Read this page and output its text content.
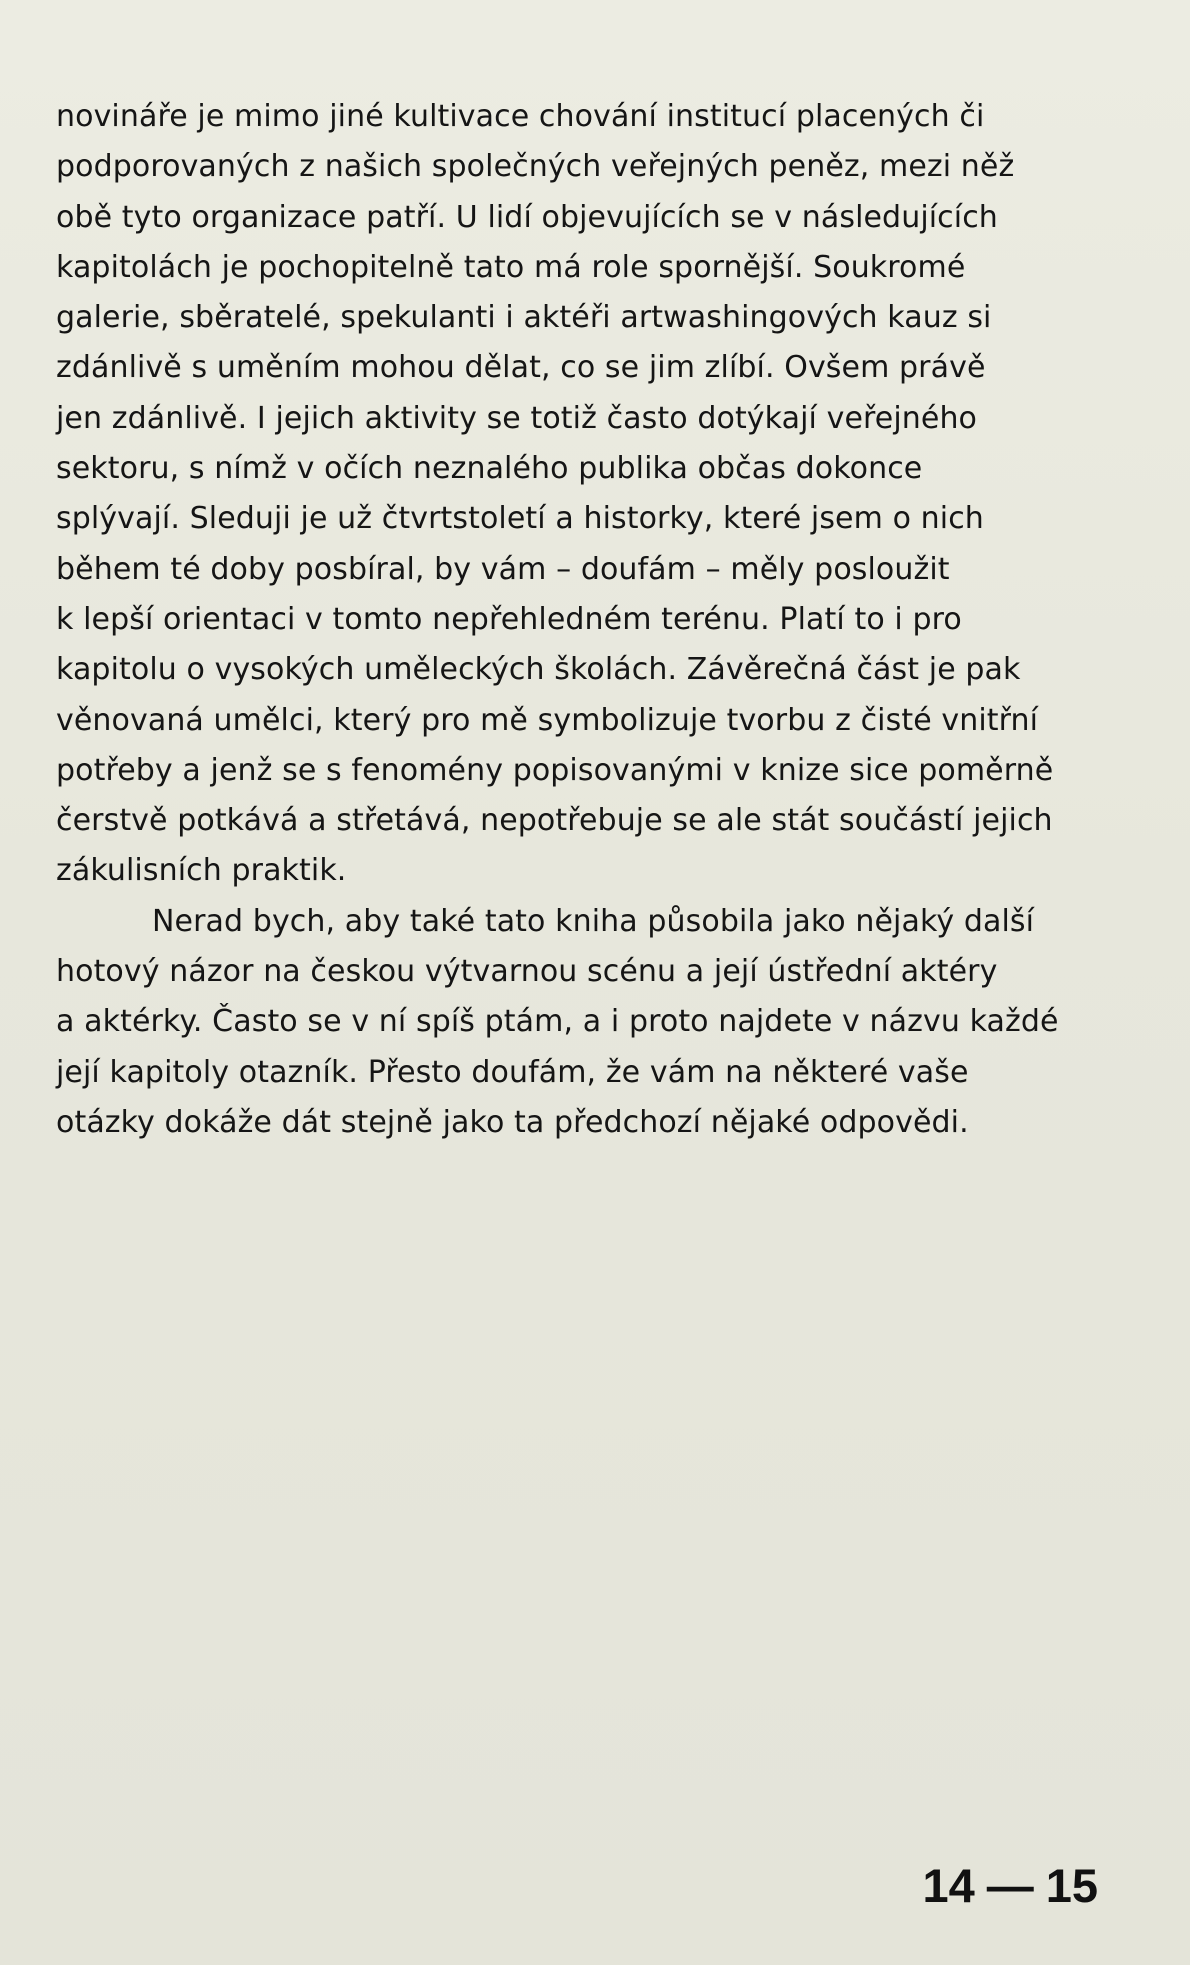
novináře je mimo jiné kultivace chování institucí placených či
podporovaných z našich společných veřejných peněz, mezi něž
obě tyto organizace patří. U lidí objevujících se v následujících
kapitolách je pochopitelně tato má role spornější. Soukromé
galerie, sběratelé, spekulanti i aktéři artwashingových kauz si
zdánlivě s uměním mohou dělat, co se jim zlíbí. Ovšem právě
jen zdánlivě. I jejich aktivity se totiž často dotýkají veřejného
sektoru, s nímž v očích neznalého publika občas dokonce
splývají. Sleduji je už čtvrtstoletí a historky, které jsem o nich
během té doby posbíral, by vám – doufám – měly posloužit
k lepší orientaci v tomto nepřehledném terénu. Platí to i pro
kapitolu o vysokých uměleckých školách. Závěrečná část je pak
věnovaná umělci, který pro mě symbolizuje tvorbu z čisté vnitřní
potřeby a jenž se s fenomény popisovanými v knize sice poměrně
čerstvě potkává a střetává, nepotřebuje se ale stát součástí jejich
zákulisních praktik.

Nerad bych, aby také tato kniha působila jako nějaký další
hotový názor na českou výtvarnou scénu a její ústřední aktéry
a aktérky. Často se v ní spíš ptám, a i proto najdete v názvu každé
její kapitoly otazník. Přesto doufám, že vám na některé vaše
otázky dokáže dát stejně jako ta předchozí nějaké odpovědi.

14 — 15
